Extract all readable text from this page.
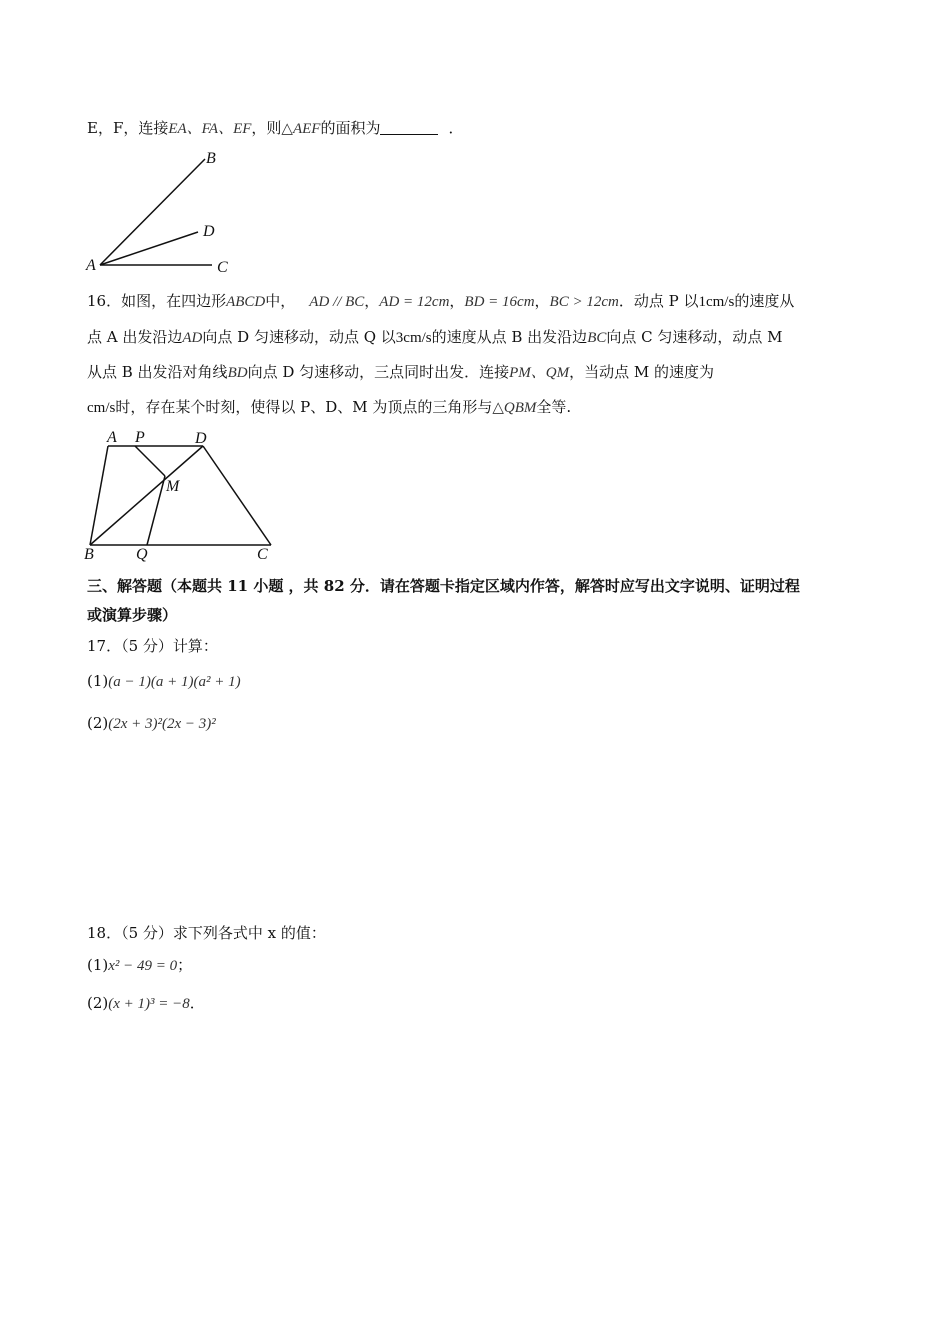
E，F，连接EA、FA、EF，则△AEF的面积为	．
B
D
A	C
16．如图，在四边形ABCD中， AD // BC，AD = 12cm，BD = 16cm，BC > 12cm．动点 P 以1cm/s的速度从
点 A 出发沿边AD向点 D 匀速移动，动点 Q 以3cm/s的速度从点 B 出发沿边BC向点 C 匀速移动，动点 M
从点 B 出发沿对角线BD向点 D 匀速移动，三点同时出发．连接PM、QM，当动点 M 的速度为
cm/s时，存在某个时刻，使得以 P、D、M 为顶点的三角形与△QBM全等.
A P	D
M
B	Q	C
三、解答题（本题共 11 小题 ，共 82 分．请在答题卡指定区域内作答，解答时应写出文字说明、证明过程
或演算步骤）
17．（5 分）计算：
(1)(a − 1)(a + 1)(a² + 1)
(2)(2x + 3)²(2x − 3)²
18．（5 分）求下列各式中 x 的值：
(1)x² − 49 = 0；
(2)(x + 1)³ = −8．
